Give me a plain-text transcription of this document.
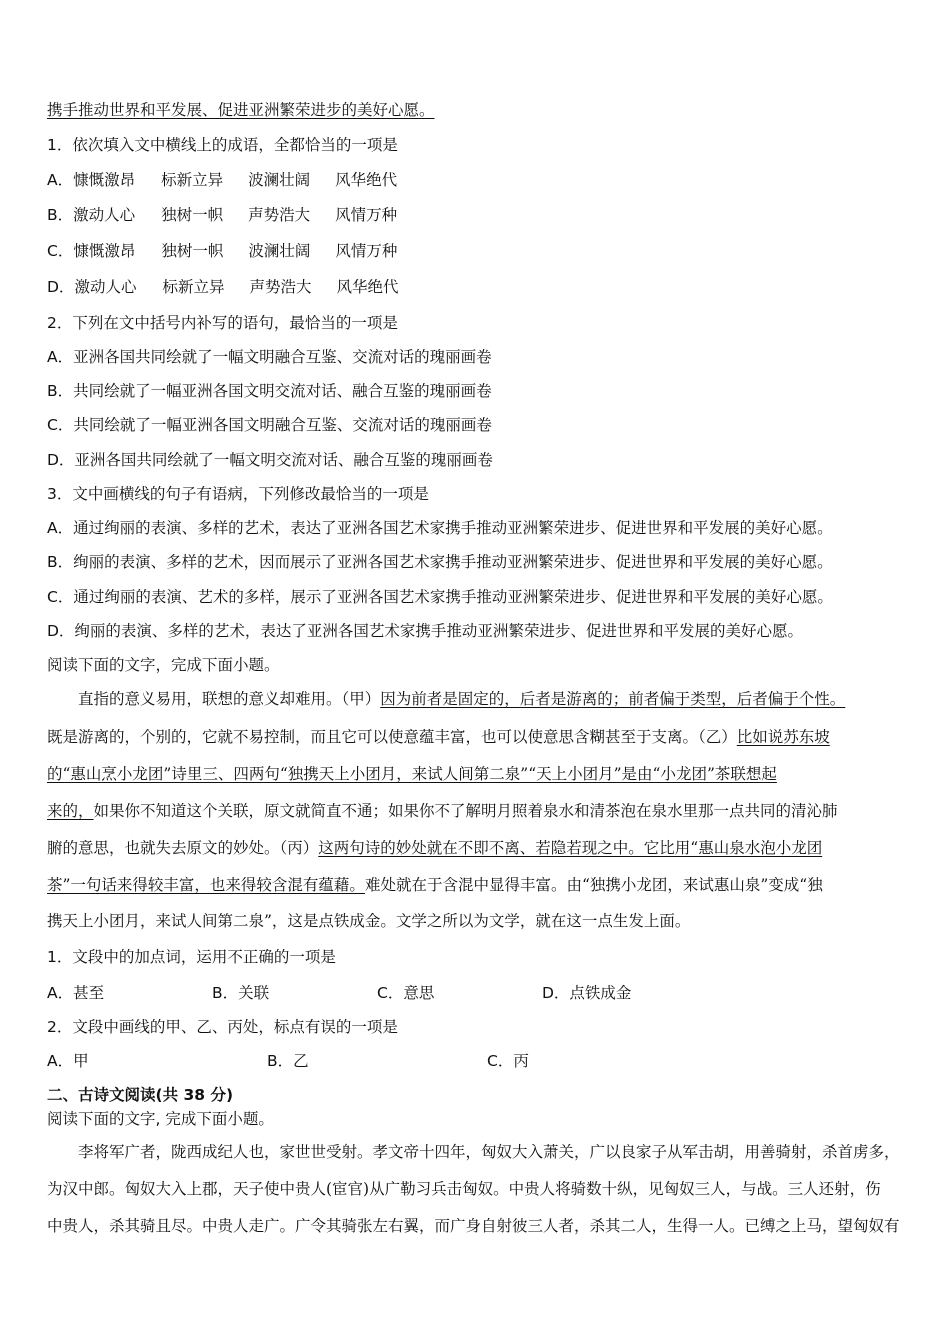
携手推动世界和平发展、促进亚洲繁荣进步的美好心愿。
1．依次填入文中横线上的成语，全都恰当的一项是
A．慷慨激昂 标新立异 波澜壮阔 风华绝代
B．激动人心 独树一帜 声势浩大 风情万种
C．慷慨激昂 独树一帜 波澜壮阔 风情万种
D．激动人心 标新立异 声势浩大 风华绝代
2．下列在文中括号内补写的语句，最恰当的一项是
A．亚洲各国共同绘就了一幅文明融合互鉴、交流对话的瑰丽画卷
B．共同绘就了一幅亚洲各国文明交流对话、融合互鉴的瑰丽画卷
C．共同绘就了一幅亚洲各国文明融合互鉴、交流对话的瑰丽画卷
D．亚洲各国共同绘就了一幅文明交流对话、融合互鉴的瑰丽画卷
3．文中画横线的句子有语病，下列修改最恰当的一项是
A．通过绚丽的表演、多样的艺术，表达了亚洲各国艺术家携手推动亚洲繁荣进步、促进世界和平发展的美好心愿。
B．绚丽的表演、多样的艺术，因而展示了亚洲各国艺术家携手推动亚洲繁荣进步、促进世界和平发展的美好心愿。
C．通过绚丽的表演、艺术的多样，展示了亚洲各国艺术家携手推动亚洲繁荣进步、促进世界和平发展的美好心愿。
D．绚丽的表演、多样的艺术，表达了亚洲各国艺术家携手推动亚洲繁荣进步、促进世界和平发展的美好心愿。
阅读下面的文字，完成下面小题。
直指的意义易用，联想的意义却难用。（甲）因为前者是固定的，后者是游离的；前者偏于类型，后者偏于个性。
既是游离的，个别的，它就不易控制，而且它可以使意蕴丰富，也可以使意思含糊甚至于支离。（乙）比如说苏东坡
的“惠山烹小龙团”诗里三、四两句“独携天上小团月，来试人间第二泉”“天上小团月”是由“小龙团”茶联想起
来的，如果你不知道这个关联，原文就简直不通；如果你不了解明月照着泉水和清茶泡在泉水里那一点共同的清沁肺
腑的意思，也就失去原文的妙处。（丙）这两句诗的妙处就在不即不离、若隐若现之中。它比用“惠山泉水泡小龙团
茶”一句话来得较丰富，也来得较含混有蕴藉。难处就在于含混中显得丰富。由“独携小龙团，来试惠山泉”变成“独
携天上小团月，来试人间第二泉”，这是点铁成金。文学之所以为文学，就在这一点生发上面。
1．文段中的加点词，运用不正确的一项是
A．甚至	B．关联	C．意思	D．点铁成金
2．文段中画线的甲、乙、丙处，标点有误的一项是
A．甲	B．乙	C．丙
二、古诗文阅读(共 38 分)
阅读下面的文字, 完成下面小题。
李将军广者，陇西成纪人也，家世世受射。孝文帝十四年，匈奴大入萧关，广以良家子从军击胡，用善骑射，杀首虏多，
为汉中郎。匈奴大入上郡，天子使中贵人(宦官)从广勒习兵击匈奴。中贵人将骑数十纵，见匈奴三人，与战。三人还射，伤
中贵人，杀其骑且尽。中贵人走广。广令其骑张左右翼，而广身自射彼三人者，杀其二人，生得一人。已缚之上马，望匈奴有
